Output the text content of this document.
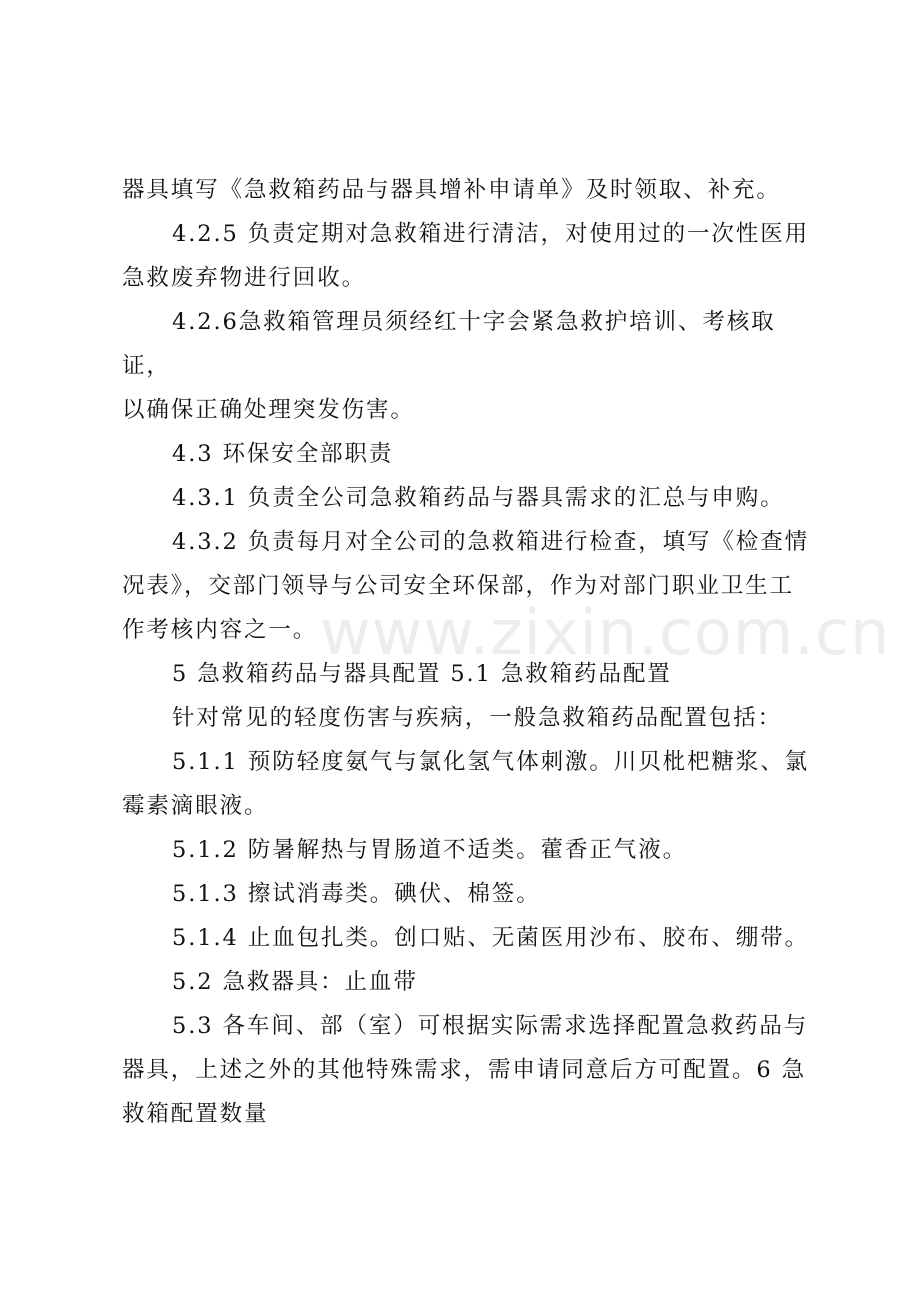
www.zixin.com.cn

器具填写《急救箱药品与器具增补申请单》及时领取、补充。

4.2.5 负责定期对急救箱进行清洁，对使用过的一次性医用

急救废弃物进行回收。

4.2.6急救箱管理员须经红十字会紧急救护培训、考核取证，

以确保正确处理突发伤害。

4.3 环保安全部职责

4.3.1 负责全公司急救箱药品与器具需求的汇总与申购。

4.3.2 负责每月对全公司的急救箱进行检查，填写《检查情

况表》，交部门领导与公司安全环保部，作为对部门职业卫生工

作考核内容之一。

5 急救箱药品与器具配置 5.1 急救箱药品配置

针对常见的轻度伤害与疾病，一般急救箱药品配置包括：

5.1.1 预防轻度氨气与氯化氢气体刺激。川贝枇杷糖浆、氯

霉素滴眼液。

5.1.2 防暑解热与胃肠道不适类。藿香正气液。

5.1.3 擦试消毒类。碘伏、棉签。

5.1.4 止血包扎类。创口贴、无菌医用沙布、胶布、绷带。

5.2 急救器具：止血带

5.3 各车间、部（室）可根据实际需求选择配置急救药品与

器具，上述之外的其他特殊需求，需申请同意后方可配置。6 急

救箱配置数量
